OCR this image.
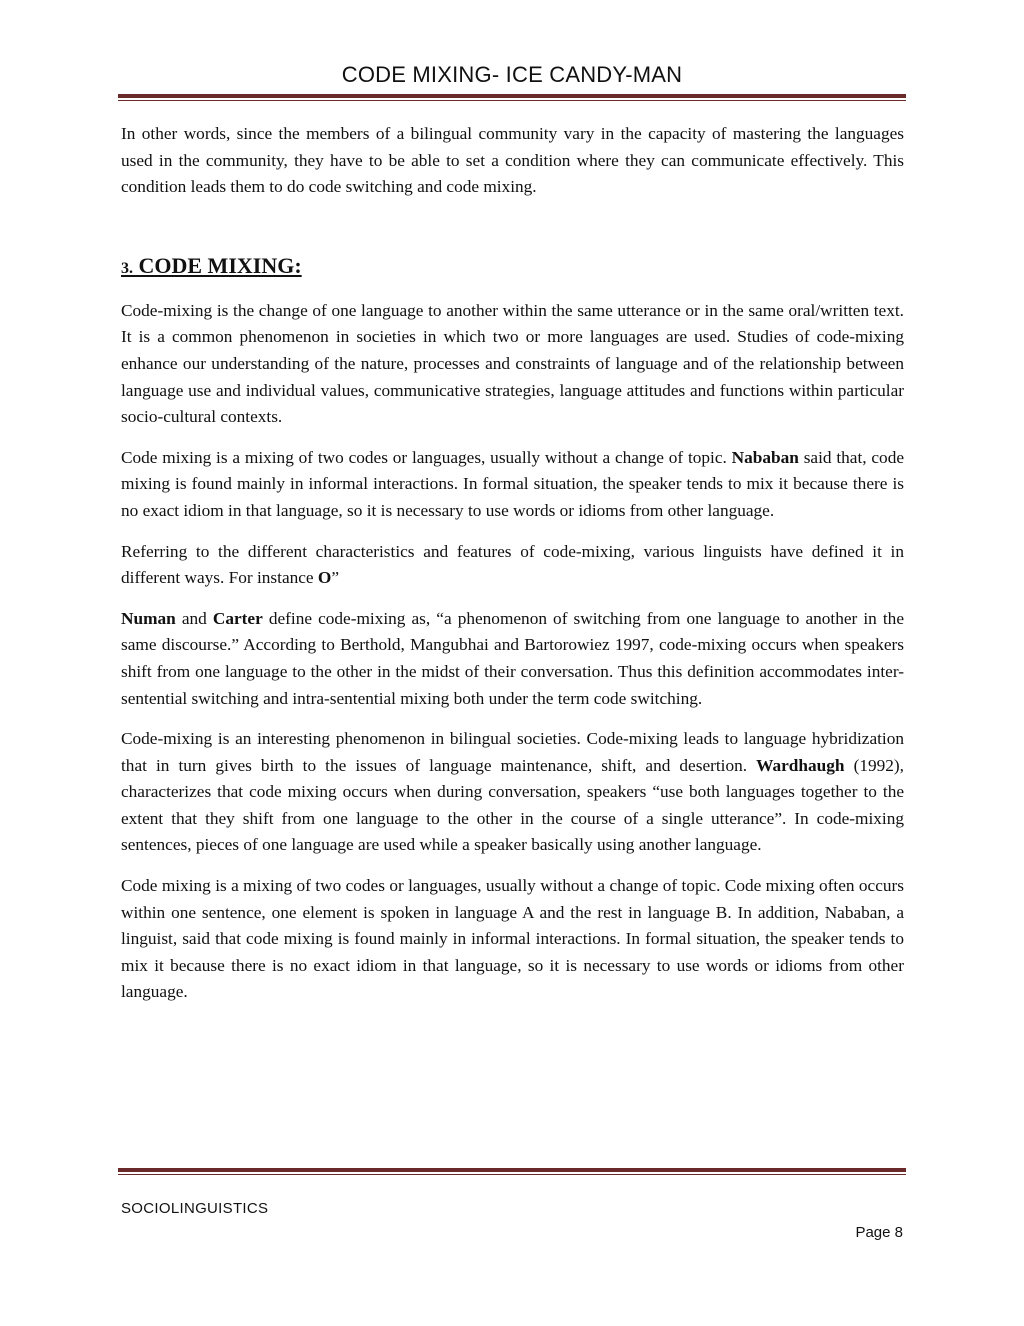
CODE MIXING- ICE CANDY-MAN

In other words, since the members of a bilingual community vary in the capacity of mastering the languages used in the community, they have to be able to set a condition where they can communicate effectively. This condition leads them to do code switching and code mixing.

3. CODE MIXING:

Code-mixing is the change of one language to another within the same utterance or in the same oral/written text. It is a common phenomenon in societies in which two or more languages are used. Studies of code-mixing enhance our understanding of the nature, processes and constraints of language and of the relationship between language use and individual values, communicative strategies, language attitudes and functions within particular socio-cultural contexts.

Code mixing is a mixing of two codes or languages, usually without a change of topic. Nababan said that, code mixing is found mainly in informal interactions. In formal situation, the speaker tends to mix it because there is no exact idiom in that language, so it is necessary to use words or idioms from other language.

Referring to the different characteristics and features of code-mixing, various linguists have defined it in different ways. For instance O”

Numan and Carter define code-mixing as, “a phenomenon of switching from one language to another in the same discourse.” According to Berthold, Mangubhai and Bartorowiez 1997, code-mixing occurs when speakers shift from one language to the other in the midst of their conversation. Thus this definition accommodates inter-sentential switching and intra-sentential mixing both under the term code switching.

Code-mixing is an interesting phenomenon in bilingual societies. Code-mixing leads to language hybridization that in turn gives birth to the issues of language maintenance, shift, and desertion. Wardhaugh (1992), characterizes that code mixing occurs when during conversation, speakers “use both languages together to the extent that they shift from one language to the other in the course of a single utterance”. In code-mixing sentences, pieces of one language are used while a speaker basically using another language.

Code mixing is a mixing of two codes or languages, usually without a change of topic. Code mixing often occurs within one sentence, one element is spoken in language A and the rest in language B. In addition, Nababan, a linguist, said that code mixing is found mainly in informal interactions. In formal situation, the speaker tends to mix it because there is no exact idiom in that language, so it is necessary to use words or idioms from other language.

SOCIOLINGUISTICS
Page 8
